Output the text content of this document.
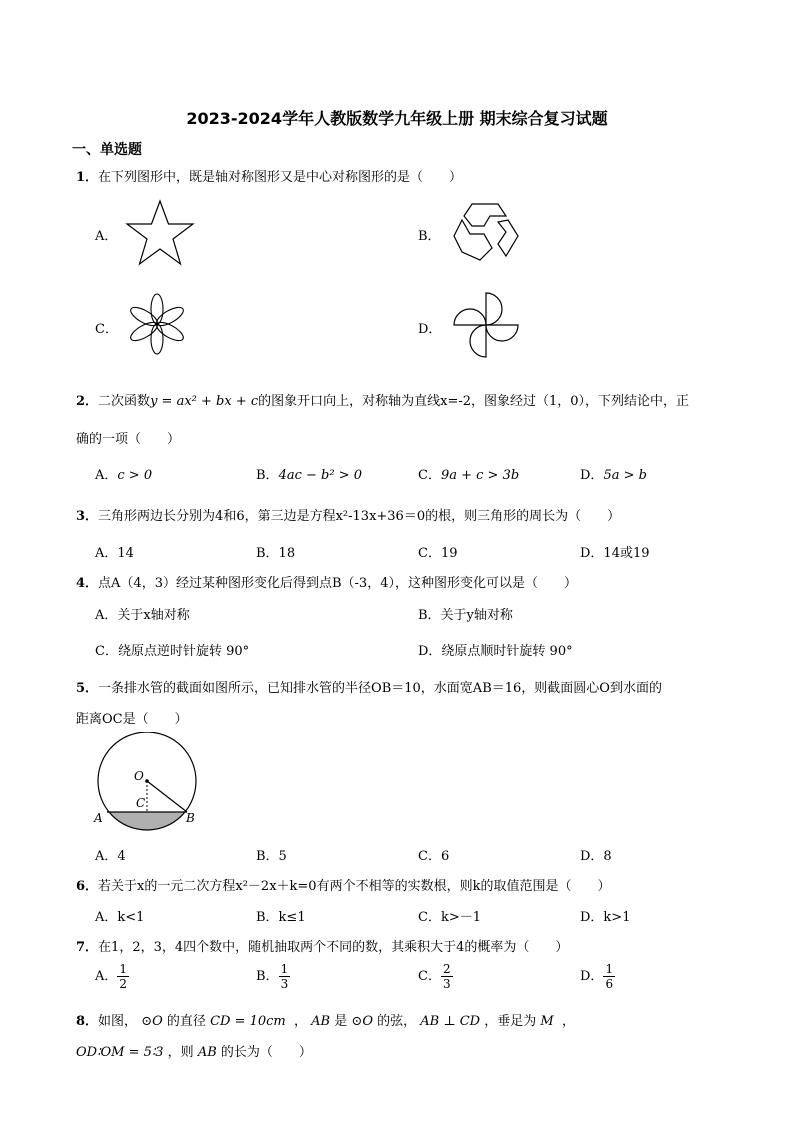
2023-2024学年人教版数学九年级上册 期末综合复习试题
一、单选题
1．在下列图形中，既是轴对称图形又是中心对称图形的是（　　）
A．	B．
C．	D．
2．二次函数y = ax² + bx + c的图象开口向上，对称轴为直线x=-2，图象经过（1，0），下列结论中，正
确的一项（　　）
A．c > 0	B．4ac − b² > 0	C．9a + c > 3b	D．5a > b
3．三角形两边长分别为4和6，第三边是方程x²-13x+36＝0的根，则三角形的周长为（　　）
A．14	B．18	C．19	D．14或19
4．点A（4，3）经过某种图形变化后得到点B（-3，4），这种图形变化可以是（　　）
A．关于x轴对称	B．关于y轴对称
C．绕原点逆时针旋转 90°	D．绕原点顺时针旋转 90°
5．一条排水管的截面如图所示，已知排水管的半径OB＝10，水面宽AB＝16，则截面圆心O到水面的
距离OC是（　　）
O
C
A	B
A．4	B．5	C．6	D．8
6．若关于x的一元二次方程x²－2x＋k=0有两个不相等的实数根，则k的取值范围是（　　）
A．k<1	B．k≤1	C．k>－1	D．k>1
7．在1，2，3，4四个数中，随机抽取两个不同的数，其乘积大于4的概率为（　　）
A． $\frac{1}{2}$	B． $\frac{1}{3}$	C． $\frac{2}{3}$	D． $\frac{1}{6}$
8．如图， ⊙O 的直径 CD = 10cm ， AB 是 ⊙O 的弦， AB ⊥ CD ，垂足为 M ，
OD∶OM = 5∶3 ，则 AB 的长为（　　）
